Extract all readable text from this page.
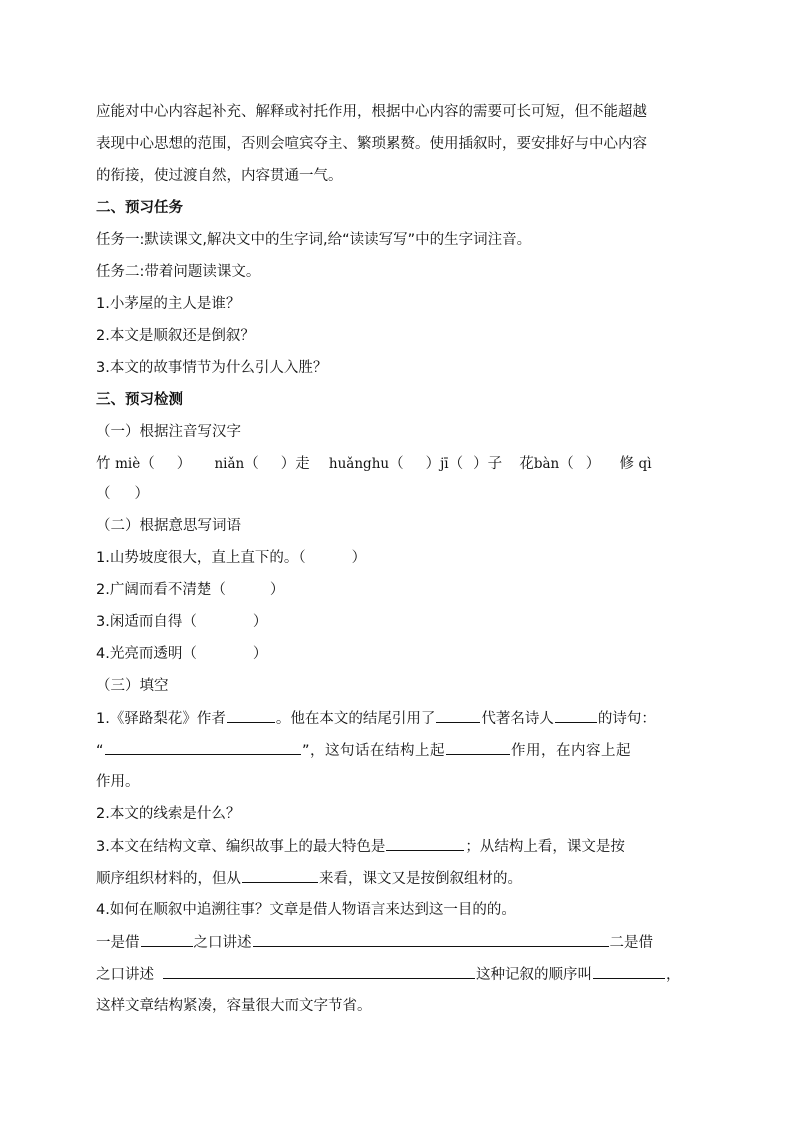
应能对中心内容起补充、解释或衬托作用，根据中心内容的需要可长可短，但不能超越
表现中心思想的范围，否则会喧宾夺主、繁琐累赘。使用插叙时，要安排好与中心内容
的衔接，使过渡自然，内容贯通一气。
二、预习任务
任务一:默读课文,解决文中的生字词,给“读读写写”中的生字词注音。
任务二:带着问题读课文。
1.小茅屋的主人是谁？
2.本文是顺叙还是倒叙？
3.本文的故事情节为什么引人入胜？
三、预习检测
（一）根据注音写汉字
竹 miè（ ） niǎn（ ）走 huǎnghu（ ）jī（ ）子 花bàn（ ） 修 qì
（ ）
（二）根据意思写词语
1.山势坡度很大，直上直下的。（	）
2.广阔而看不清楚（	）
3.闲适而自得（	）
4.光亮而透明（	）
（三）填空
1.《驿路梨花》作者	。他在本文的结尾引用了	代著名诗人	的诗句：
“	”，这句话在结构上起	作用，在内容上起
作用。
2.本文的线索是什么？
3.本文在结构文章、编织故事上的最大特色是	；从结构上看，课文是按
顺序组织材料的，但从	来看，课文又是按倒叙组材的。
4.如何在顺叙中追溯往事？文章是借人物语言来达到这一目的的。
一是借	之口讲述	二是借
之口讲述	这种记叙的顺序叫	，
这样文章结构紧凑，容量很大而文字节省。
